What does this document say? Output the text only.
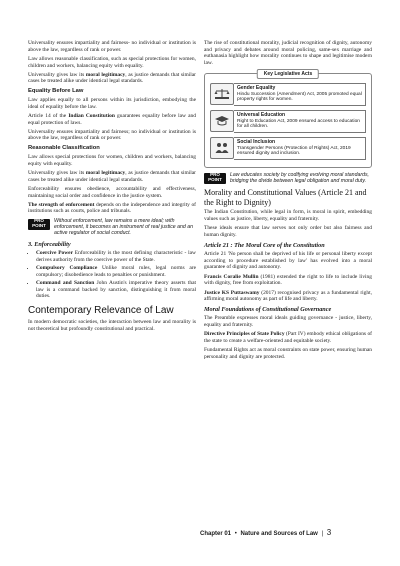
Universality ensures impartiality and fairness- no individual or institution is above the law, regardless of rank or power.

Law allows reasonable classification, such as special protections for women, children and workers, balancing equity with equality.

Universality gives law its moral legitimacy, as justice demands that similar cases be treated alike under identical legal standards.

Equality Before Law

Law applies equally to all persons within its jurisdiction, embodying the ideal of equality before the law.

Article 14 of the Indian Constitution guarantees equality before law and equal protection of laws.

Universality ensures impartiality and fairness; no individual or institution is above the law, regardless of rank or power.

Reasonable Classification

Law allows special protections for women, children and workers, balancing equity with equality.

Universality gives law its moral legitimacy, as justice demands that similar cases be treated alike under identical legal standards.

Enforceability ensures obedience, accountability and effectiveness, maintaining social order and confidence in the justice system.

The strength of enforcement depends on the independence and integrity of institutions such as courts, police and tribunals.

PRO
POINT
Without enforcement, law remains a mere ideal; with enforcement, it becomes an instrument of real justice and an active regulator of social conduct.
3. Enforceability
• Coercive Power Enforceability is the most defining characteristic - law derives authority from the coercive power of the State.
• Compulsory Compliance Unlike moral rules, legal norms are compulsory; disobedience leads to penalties or punishment.
• Command and Sanction John Austin's imperative theory asserts that law is a command backed by sanction, distinguishing it from moral duties.
Contemporary Relevance of Law

In modern democratic societies, the interaction between law and morality is not theoretical but profoundly constitutional and practical.

The rise of constitutional morality, judicial recognition of dignity, autonomy and privacy and debates around moral policing, same-sex marriage and euthanasia highlight how morality continues to shape and legitimise modern law.

Key Legislative Acts
Gender Equality
Hindu Succession (Amendment) Act, 2005 promoted equal property rights for women.
Universal Education
Right to Education Act, 2009 ensured access to education for all children.
Social Inclusion
Transgender Persons (Protection of Rights) Act, 2019 ensured dignity and inclusion.
PRO
POINT
Law educates society by codifying evolving moral standards, bridging the divide between legal obligation and moral duty.
Morality and Constitutional Values (Article 21 and the Right to Dignity)

The Indian Constitution, while legal in form, is moral in spirit, embedding values such as justice, liberty, equality and fraternity.

These ideals ensure that law serves not only order but also fairness and human dignity.

Article 21 : The Moral Core of the Constitution

Article 21 'No person shall be deprived of his life or personal liberty except according to procedure established by law' has evolved into a moral guarantee of dignity and autonomy.

Francis Coralie Mullin (1981) extended the right to life to include living with dignity, free from exploitation.

Justice KS Puttaswamy (2017) recognised privacy as a fundamental right, affirming moral autonomy as part of life and liberty.

Moral Foundations of Constitutional Governance

The Preamble expresses moral ideals guiding governance - justice, liberty, equality and fraternity.

Directive Principles of State Policy (Part IV) embody ethical obligations of the state to create a welfare-oriented and equitable society.

Fundamental Rights act as moral constraints on state power, ensuring human personality and dignity are protected.

Chapter 01 • Nature and Sources of Law | 3
